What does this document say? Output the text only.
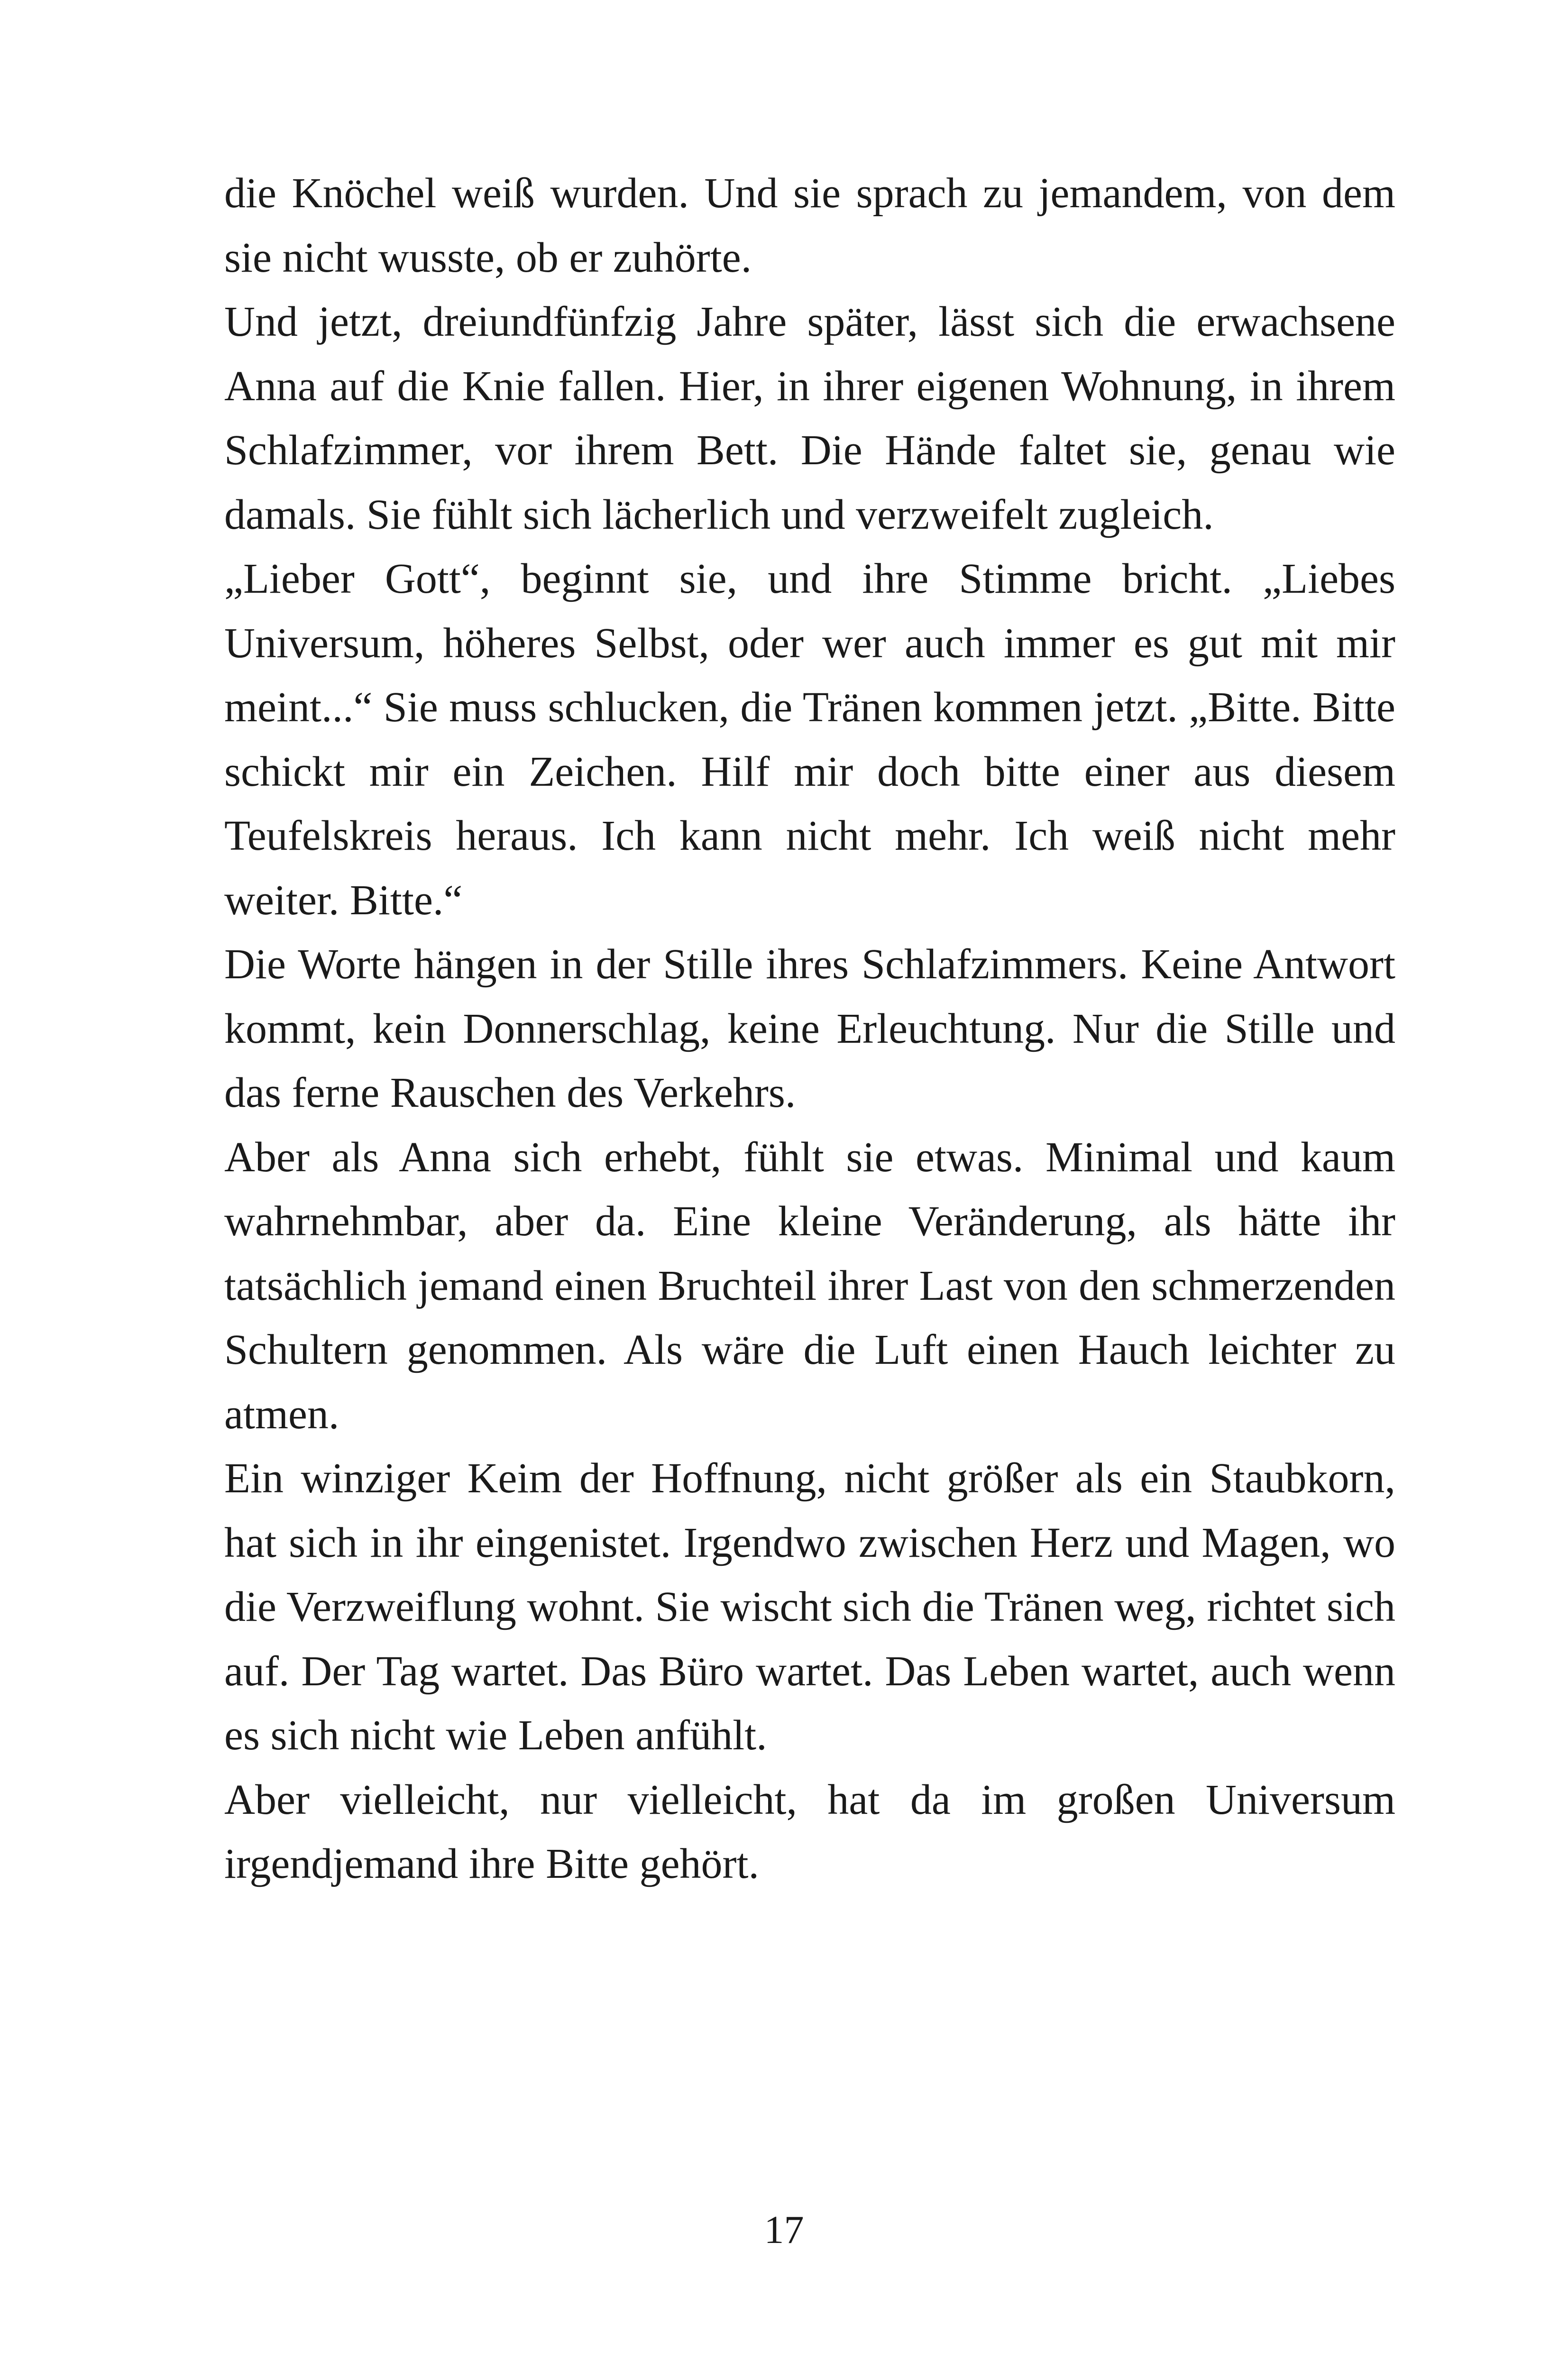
die Knöchel weiß wurden. Und sie sprach zu jemandem, von dem sie nicht wusste, ob er zuhörte.

Und jetzt, dreiundfünfzig Jahre später, lässt sich die erwachsene Anna auf die Knie fallen. Hier, in ihrer eigenen Wohnung, in ihrem Schlafzimmer, vor ihrem Bett. Die Hände faltet sie, genau wie damals. Sie fühlt sich lächerlich und verzweifelt zugleich.

„Lieber Gott“, beginnt sie, und ihre Stimme bricht. „Liebes Universum, höheres Selbst, oder wer auch immer es gut mit mir meint...“ Sie muss schlucken, die Tränen kommen jetzt. „Bitte. Bitte schickt mir ein Zeichen. Hilf mir doch bitte einer aus diesem Teufelskreis heraus. Ich kann nicht mehr. Ich weiß nicht mehr weiter. Bitte.“

Die Worte hängen in der Stille ihres Schlafzimmers. Keine Antwort kommt, kein Donnerschlag, keine Erleuchtung. Nur die Stille und das ferne Rauschen des Verkehrs.

Aber als Anna sich erhebt, fühlt sie etwas. Minimal und kaum wahrnehmbar, aber da. Eine kleine Veränderung, als hätte ihr tatsächlich jemand einen Bruchteil ihrer Last von den schmerzenden Schultern genommen. Als wäre die Luft einen Hauch leichter zu atmen.

Ein winziger Keim der Hoffnung, nicht größer als ein Staubkorn, hat sich in ihr eingenistet. Irgendwo zwischen Herz und Magen, wo die Verzweiflung wohnt. Sie wischt sich die Tränen weg, richtet sich auf. Der Tag wartet. Das Büro wartet. Das Leben wartet, auch wenn es sich nicht wie Leben anfühlt.

Aber vielleicht, nur vielleicht, hat da im großen Universum irgendjemand ihre Bitte gehört.

17
